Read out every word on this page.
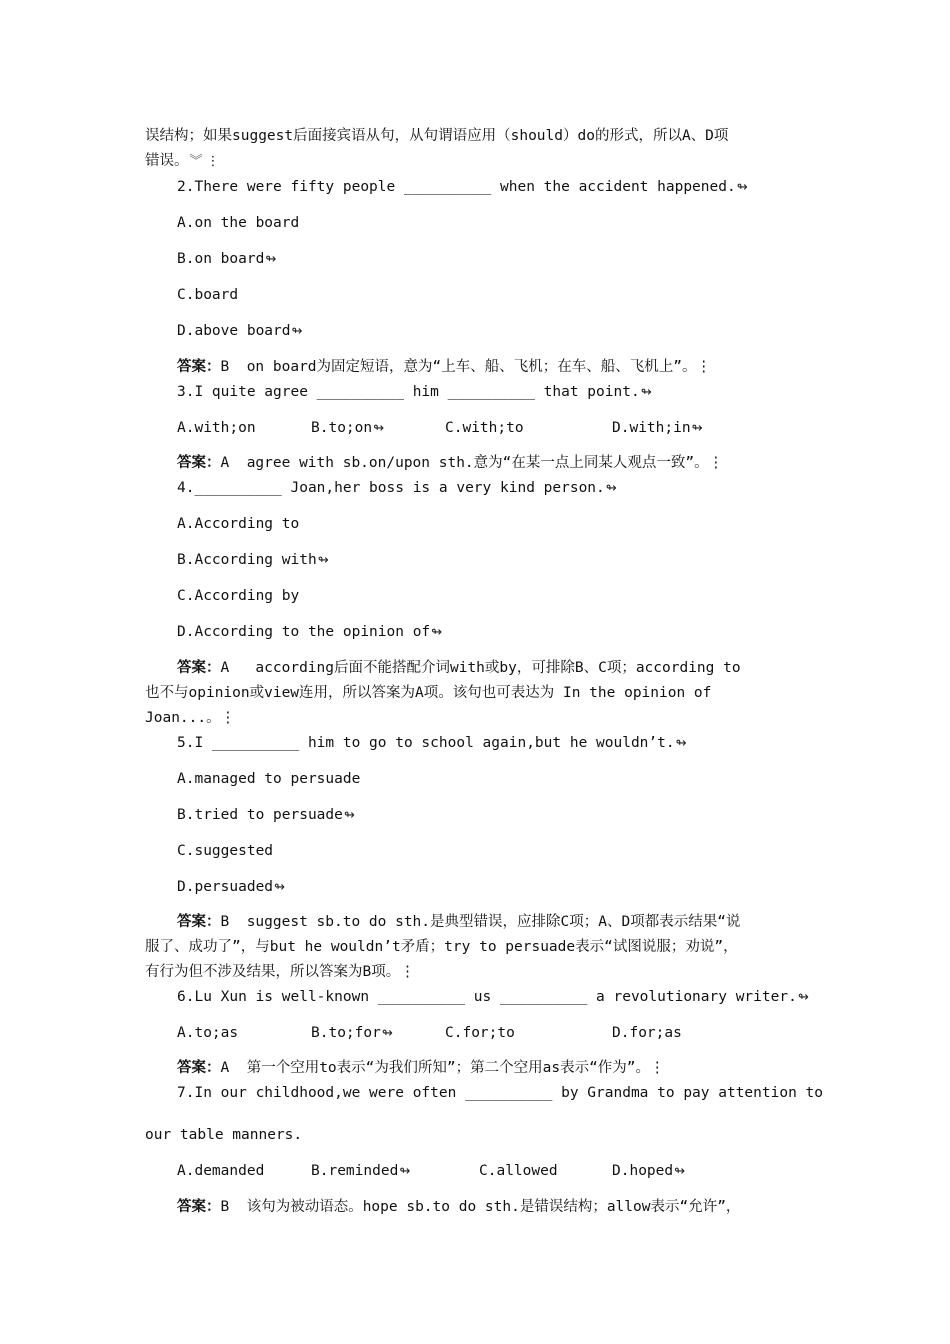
误结构；如果suggest后面接宾语从句，从句谓语应用（should）do的形式，所以A、D项
错误。︾ ⋮
2.There were fifty people __________ when the accident happened.↬
A.on the board
B.on board↬
C.board
D.above board↬
答案：B  on board为固定短语，意为“上车、船、飞机；在车、船、飞机上”。⋮
3.I quite agree __________ him __________ that point.↬
A.with;on	B.to;on↬	C.with;to	D.with;in↬
答案：A  agree with sb.on/upon sth.意为“在某一点上同某人观点一致”。⋮
4.__________ Joan,her boss is a very kind person.↬
A.According to
B.According with↬
C.According by
D.According to the opinion of↬
答案：A   according后面不能搭配介词with或by，可排除B、C项；according to
也不与opinion或view连用，所以答案为A项。该句也可表达为 In the opinion of
Joan...。⋮
5.I __________ him to go to school again,but he wouldn’t.↬
A.managed to persuade
B.tried to persuade↬
C.suggested
D.persuaded↬
答案：B  suggest sb.to do sth.是典型错误，应排除C项；A、D项都表示结果“说
服了、成功了”，与but he wouldn’t矛盾；try to persuade表示“试图说服；劝说”，
有行为但不涉及结果，所以答案为B项。⋮
6.Lu Xun is well-known __________ us __________ a revolutionary writer.↬
A.to;as	B.to;for↬	C.for;to	D.for;as
答案：A  第一个空用to表示“为我们所知”；第二个空用as表示“作为”。⋮
7.In our childhood,we were often __________ by Grandma to pay attention to
our table manners.
A.demanded	B.reminded↬	C.allowed	D.hoped↬
答案：B  该句为被动语态。hope sb.to do sth.是错误结构；allow表示“允许”，
